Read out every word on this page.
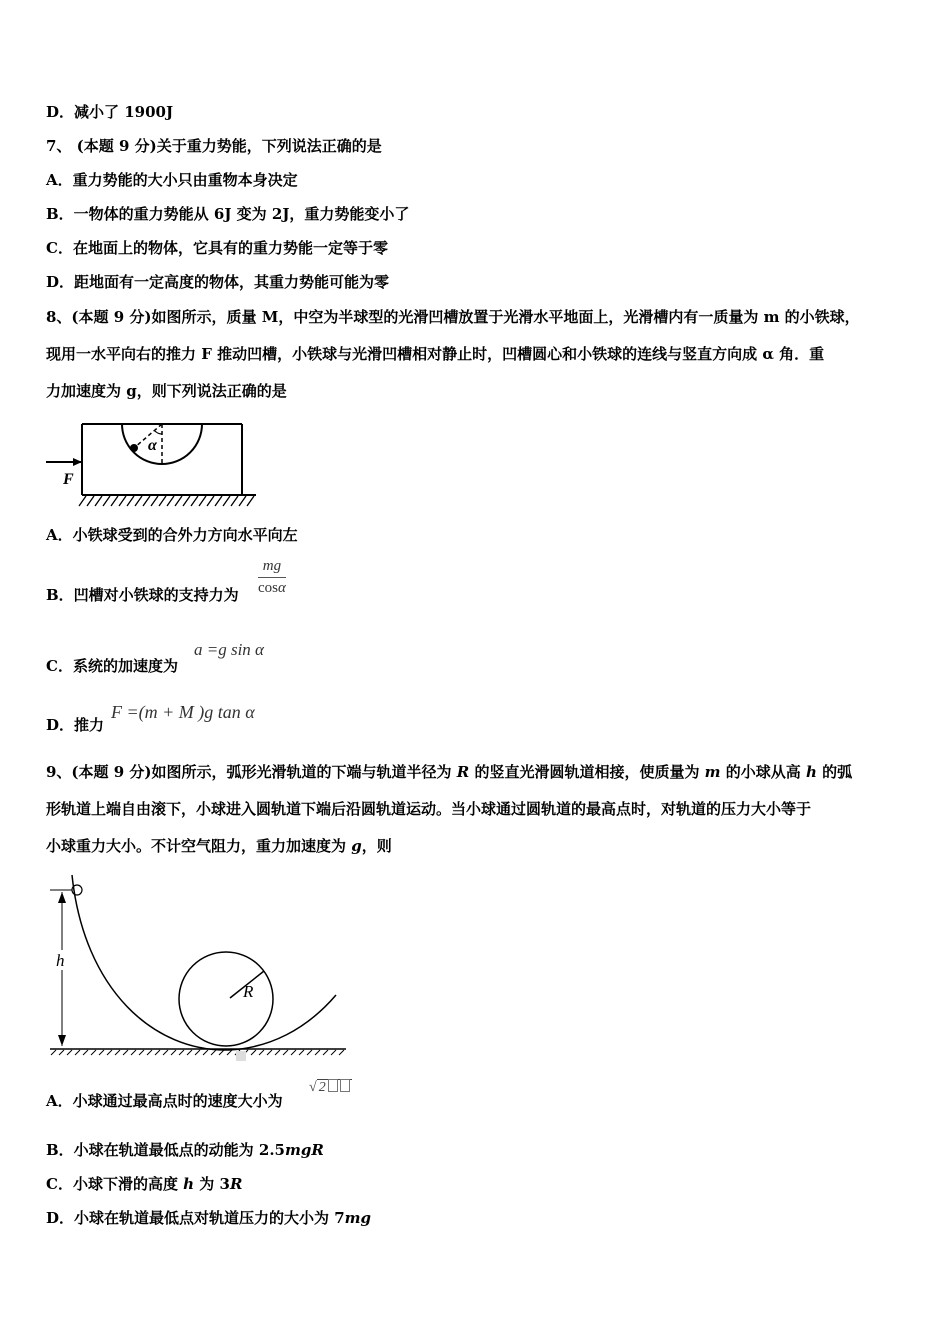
D．减小了 1900J
7、 (本题 9 分)关于重力势能，下列说法正确的是
A．重力势能的大小只由重物本身决定
B．一物体的重力势能从 6J 变为 2J，重力势能变小了
C．在地面上的物体，它具有的重力势能一定等于零
D．距地面有一定高度的物体，其重力势能可能为零
8、(本题 9 分)如图所示，质量 M，中空为半球型的光滑凹槽放置于光滑水平地面上，光滑槽内有一质量为 m 的小铁球，
现用一水平向右的推力 F 推动凹槽，小铁球与光滑凹槽相对静止时，凹槽圆心和小铁球的连线与竖直方向成 α 角．重
力加速度为 g，则下列说法正确的是
F
α
A．小铁球受到的合外力方向水平向左
B．凹槽对小铁球的支持力为 $\frac{mg}{\cos\alpha}$
C．系统的加速度为
a =g sin α
D．推力
F =(m + M )g tan α
9、(本题 9 分)如图所示，弧形光滑轨道的下端与轨道半径为 R 的竖直光滑圆轨道相接，使质量为 m 的小球从高 h 的弧
形轨道上端自由滚下，小球进入圆轨道下端后沿圆轨道运动。当小球通过圆轨道的最高点时，对轨道的压力大小等于
小球重力大小。不计空气阻力，重力加速度为 g，则
R
h
A．小球通过最高点时的速度大小为
√ 2
B．小球在轨道最低点的动能为 2.5mgR
C．小球下滑的高度 h 为 3R
D．小球在轨道最低点对轨道压力的大小为 7mg
